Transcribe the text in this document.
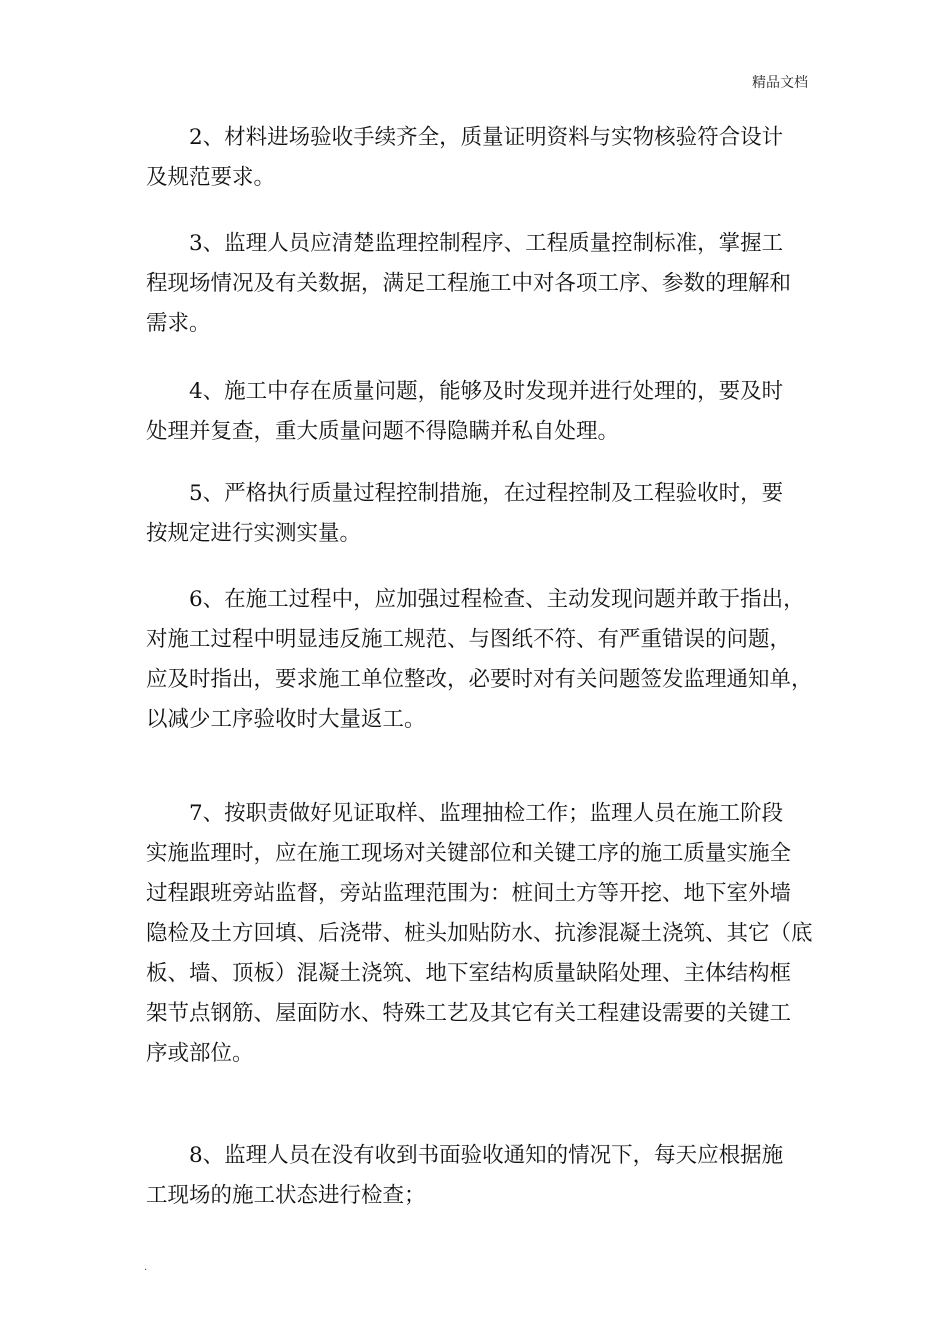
精品文档
2、材料进场验收手续齐全，质量证明资料与实物核验符合设计
及规范要求。
3、监理人员应清楚监理控制程序、工程质量控制标准，掌握工
程现场情况及有关数据，满足工程施工中对各项工序、参数的理解和
需求。
4、施工中存在质量问题，能够及时发现并进行处理的，要及时
处理并复查，重大质量问题不得隐瞒并私自处理。
5、严格执行质量过程控制措施，在过程控制及工程验收时，要
按规定进行实测实量。
6、在施工过程中，应加强过程检查、主动发现问题并敢于指出，
对施工过程中明显违反施工规范、与图纸不符、有严重错误的问题，
应及时指出，要求施工单位整改，必要时对有关问题签发监理通知单，
以减少工序验收时大量返工。
7、按职责做好见证取样、监理抽检工作；监理人员在施工阶段
实施监理时，应在施工现场对关键部位和关键工序的施工质量实施全
过程跟班旁站监督，旁站监理范围为：桩间土方等开挖、地下室外墙
隐检及土方回填、后浇带、桩头加贴防水、抗渗混凝土浇筑、其它（底
板、墙、顶板）混凝土浇筑、地下室结构质量缺陷处理、主体结构框
架节点钢筋、屋面防水、特殊工艺及其它有关工程建设需要的关键工
序或部位。
8、监理人员在没有收到书面验收通知的情况下，每天应根据施
工现场的施工状态进行检查；
.
